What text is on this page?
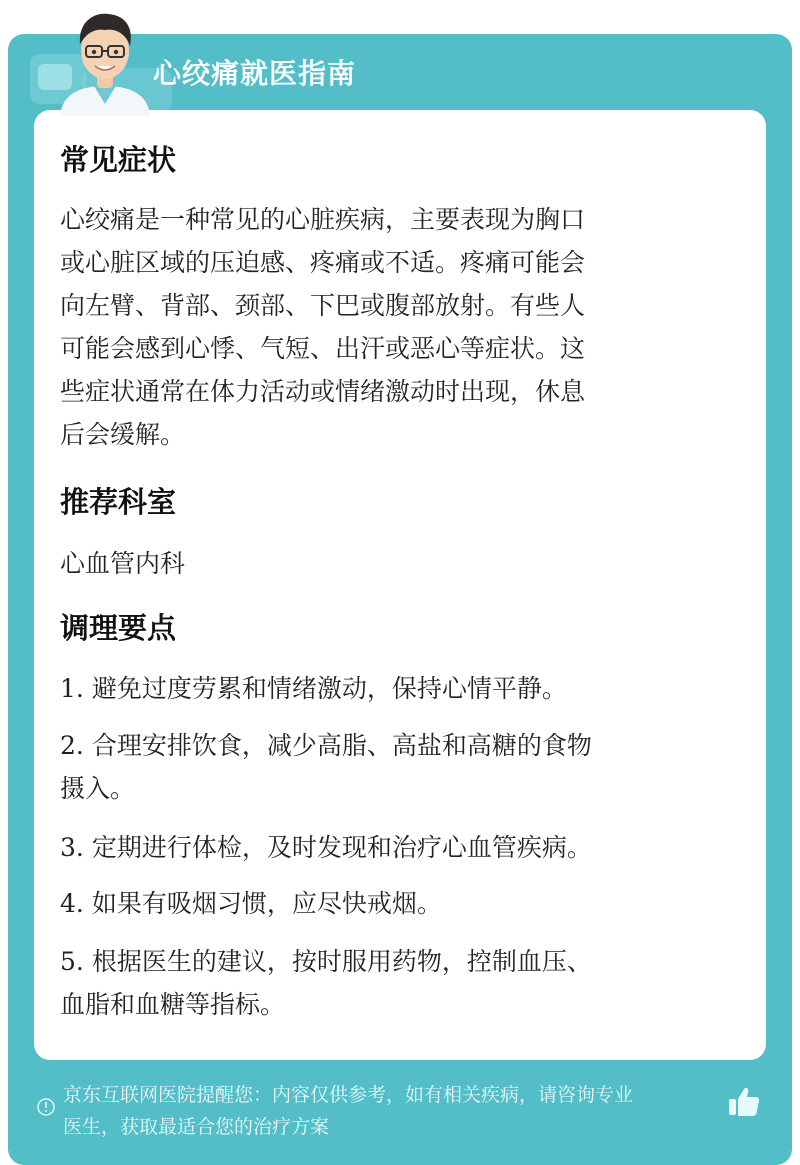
心绞痛就医指南
常见症状

心绞痛是一种常见的心脏疾病，主要表现为胸口

或心脏区域的压迫感、疼痛或不适。疼痛可能会

向左臂、背部、颈部、下巴或腹部放射。有些人

可能会感到心悸、气短、出汗或恶心等症状。这

些症状通常在体力活动或情绪激动时出现，休息

后会缓解。

推荐科室

心血管内科

调理要点

1. 避免过度劳累和情绪激动，保持心情平静。

2. 合理安排饮食，减少高脂、高盐和高糖的食物

摄入。

3. 定期进行体检，及时发现和治疗心血管疾病。

4. 如果有吸烟习惯，应尽快戒烟。

5. 根据医生的建议，按时服用药物，控制血压、

血脂和血糖等指标。

京东互联网医院提醒您：内容仅供参考，如有相关疾病，请咨询专业
医生，获取最适合您的治疗方案
